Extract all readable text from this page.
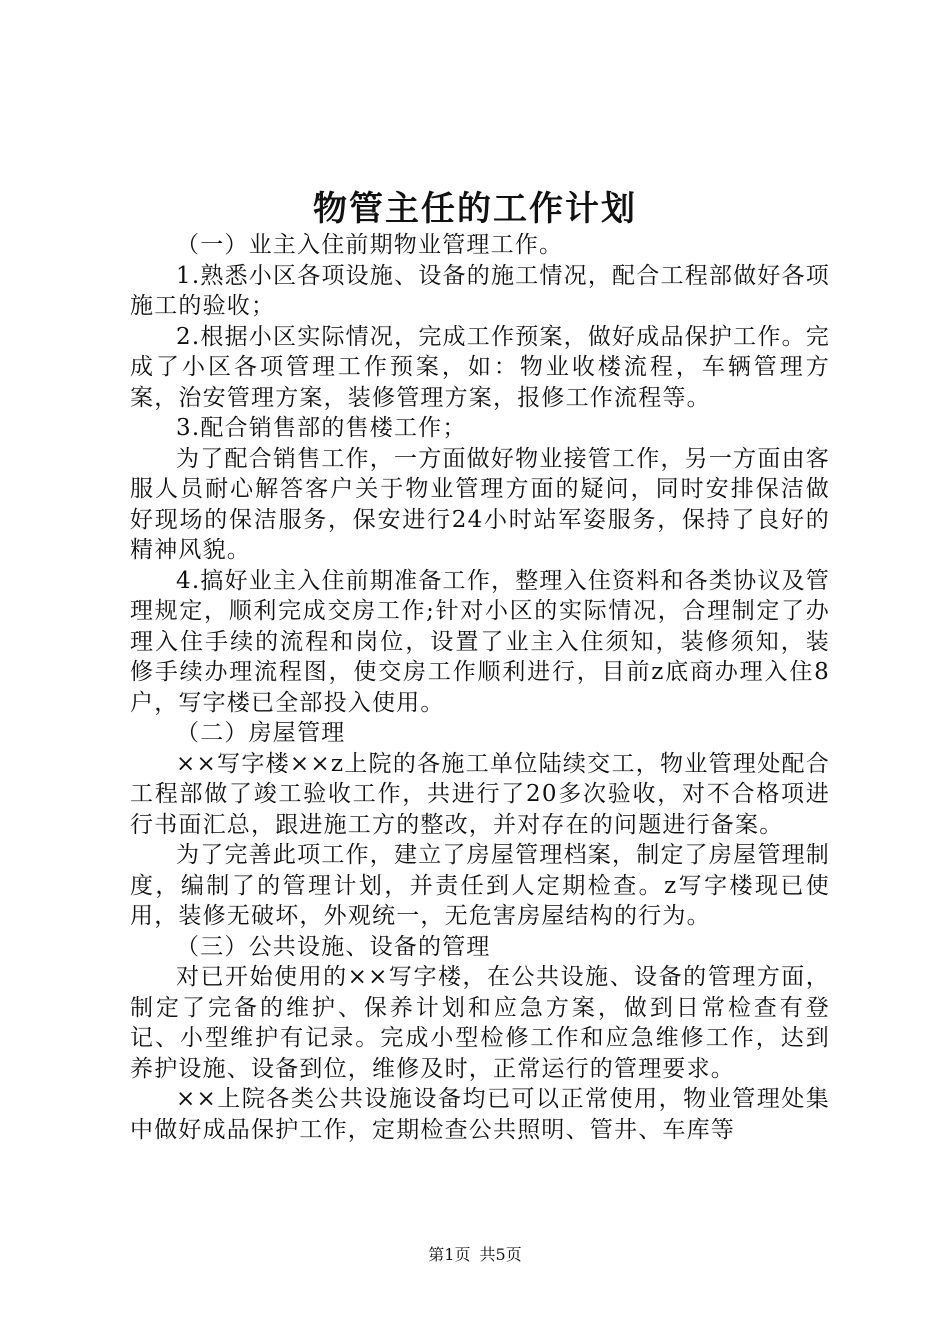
物管主任的工作计划

（一）业主入住前期物业管理工作。

1.熟悉小区各项设施、设备的施工情况，配合工程部做好各项施工的验收；

2.根据小区实际情况，完成工作预案，做好成品保护工作。完成了小区各项管理工作预案，如：物业收楼流程，车辆管理方案，治安管理方案，装修管理方案，报修工作流程等。

3.配合销售部的售楼工作；

为了配合销售工作，一方面做好物业接管工作，另一方面由客服人员耐心解答客户关于物业管理方面的疑问，同时安排保洁做好现场的保洁服务，保安进行24小时站军姿服务，保持了良好的精神风貌。

4.搞好业主入住前期准备工作，整理入住资料和各类协议及管理规定，顺利完成交房工作;针对小区的实际情况，合理制定了办理入住手续的流程和岗位，设置了业主入住须知，装修须知，装修手续办理流程图，使交房工作顺利进行，目前z底商办理入住8户，写字楼已全部投入使用。

（二）房屋管理

××写字楼××z上院的各施工单位陆续交工，物业管理处配合工程部做了竣工验收工作，共进行了20多次验收，对不合格项进行书面汇总，跟进施工方的整改，并对存在的问题进行备案。

为了完善此项工作，建立了房屋管理档案，制定了房屋管理制度，编制了的管理计划，并责任到人定期检查。z写字楼现已使用，装修无破坏，外观统一，无危害房屋结构的行为。

（三）公共设施、设备的管理

对已开始使用的××写字楼，在公共设施、设备的管理方面，制定了完备的维护、保养计划和应急方案，做到日常检查有登记、小型维护有记录。完成小型检修工作和应急维修工作，达到养护设施、设备到位，维修及时，正常运行的管理要求。

××上院各类公共设施设备均已可以正常使用，物业管理处集中做好成品保护工作，定期检查公共照明、管井、车库等

第1页 共5页
